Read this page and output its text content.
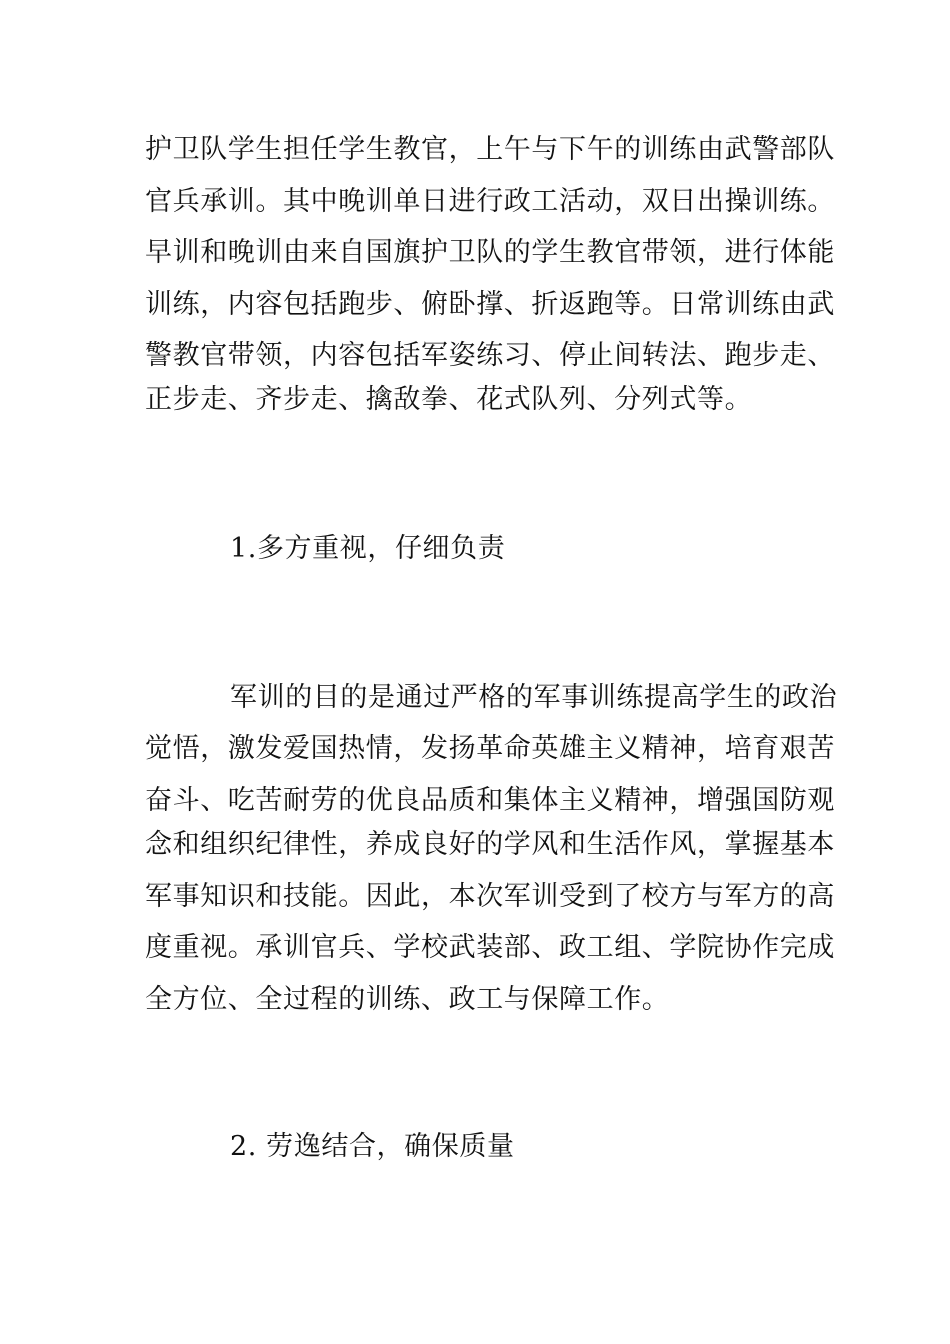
护卫队学生担任学生教官，上午与下午的训练由武警部队
官兵承训。其中晚训单日进行政工活动，双日出操训练。
早训和晚训由来自国旗护卫队的学生教官带领，进行体能
训练，内容包括跑步、俯卧撑、折返跑等。日常训练由武
警教官带领，内容包括军姿练习、停止间转法、跑步走、
正步走、齐步走、擒敌拳、花式队列、分列式等。
1.多方重视，仔细负责
军训的目的是通过严格的军事训练提高学生的政治
觉悟，激发爱国热情，发扬革命英雄主义精神，培育艰苦
奋斗、吃苦耐劳的优良品质和集体主义精神，增强国防观
念和组织纪律性，养成良好的学风和生活作风，掌握基本
军事知识和技能。因此，本次军训受到了校方与军方的高
度重视。承训官兵、学校武装部、政工组、学院协作完成
全方位、全过程的训练、政工与保障工作。
2. 劳逸结合，确保质量
